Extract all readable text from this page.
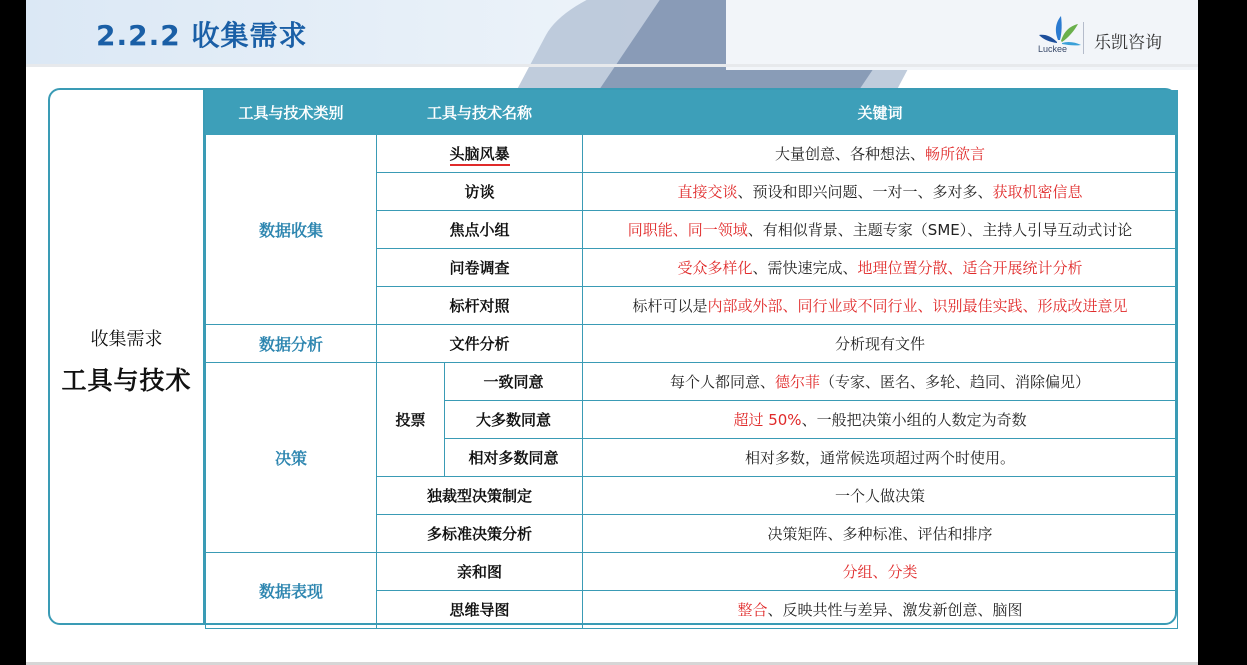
2.2.2 收集需求	Luckee 乐凯咨询
收集需求
工具与技术
工具与技术类别	工具与技术名称		关键词
数据收集	头脑风暴		大量创意、各种想法、畅所欲言
	访谈		直接交谈、预设和即兴问题、一对一、多对多、获取机密信息
	焦点小组		同职能、同一领域、有相似背景、主题专家（SME）、主持人引导互动式讨论
	问卷调查		受众多样化、需快速完成、地理位置分散、适合开展统计分析
	标杆对照		标杆可以是内部或外部、同行业或不同行业、识别最佳实践、形成改进意见
数据分析	文件分析		分析现有文件
决策	投票	一致同意	每个人都同意、德尔菲（专家、匿名、多轮、趋同、消除偏见）
		大多数同意	超过 50%、一般把决策小组的人数定为奇数
		相对多数同意	相对多数，通常候选项超过两个时使用。
	独裁型决策制定		一个人做决策
	多标准决策分析		决策矩阵、多种标准、评估和排序
数据表现	亲和图		分组、分类
	思维导图		整合、反映共性与差异、激发新创意、脑图
